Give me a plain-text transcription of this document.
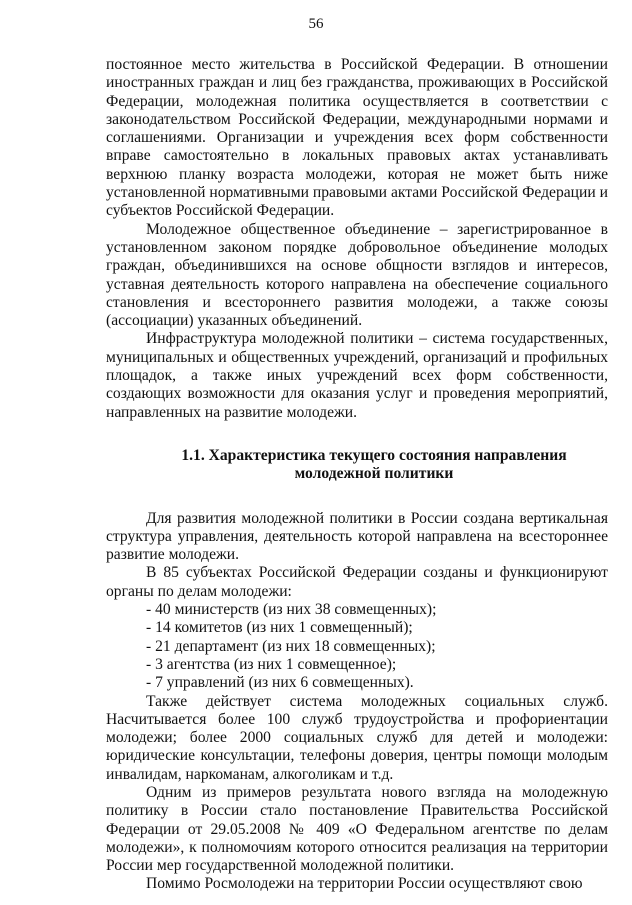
56

постоянное место жительства в Российской Федерации. В отношении иностранных граждан и лиц без гражданства, проживающих в Российской Федерации, молодежная политика осуществляется в соответствии с законодательством Российской Федерации, международными нормами и соглашениями. Организации и учреждения всех форм собственности вправе самостоятельно в локальных правовых актах устанавливать верхнюю планку возраста молодежи, которая не может быть ниже установленной нормативными правовыми актами Российской Федерации и субъектов Российской Федерации.

Молодежное общественное объединение – зарегистрированное в установленном законом порядке добровольное объединение молодых граждан, объединившихся на основе общности взглядов и интересов, уставная деятельность которого направлена на обеспечение социального становления и всестороннего развития молодежи, а также союзы (ассоциации) указанных объединений.

Инфраструктура молодежной политики – система государственных, муниципальных и общественных учреждений, организаций и профильных площадок, а также иных учреждений всех форм собственности, создающих возможности для оказания услуг и проведения мероприятий, направленных на развитие молодежи.

1.1. Характеристика текущего состояния направления молодежной политики

Для развития молодежной политики в России создана вертикальная структура управления, деятельность которой направлена на всестороннее развитие молодежи.

В 85 субъектах Российской Федерации созданы и функционируют органы по делам молодежи:

- 40 министерств (из них 38 совмещенных);
- 14 комитетов (из них 1 совмещенный);
- 21 департамент (из них 18 совмещенных);
- 3 агентства (из них 1 совмещенное);
- 7 управлений (из них 6 совмещенных).

Также действует система молодежных социальных служб. Насчитывается более 100 служб трудоустройства и профориентации молодежи; более 2000 социальных служб для детей и молодежи: юридические консультации, телефоны доверия, центры помощи молодым инвалидам, наркоманам, алкоголикам и т.д.

Одним из примеров результата нового взгляда на молодежную политику в России стало постановление Правительства Российской Федерации от 29.05.2008 № 409 «О Федеральном агентстве по делам молодежи», к полномочиям которого относится реализация на территории России мер государственной молодежной политики.

Помимо Росмолодежи на территории России осуществляют свою
